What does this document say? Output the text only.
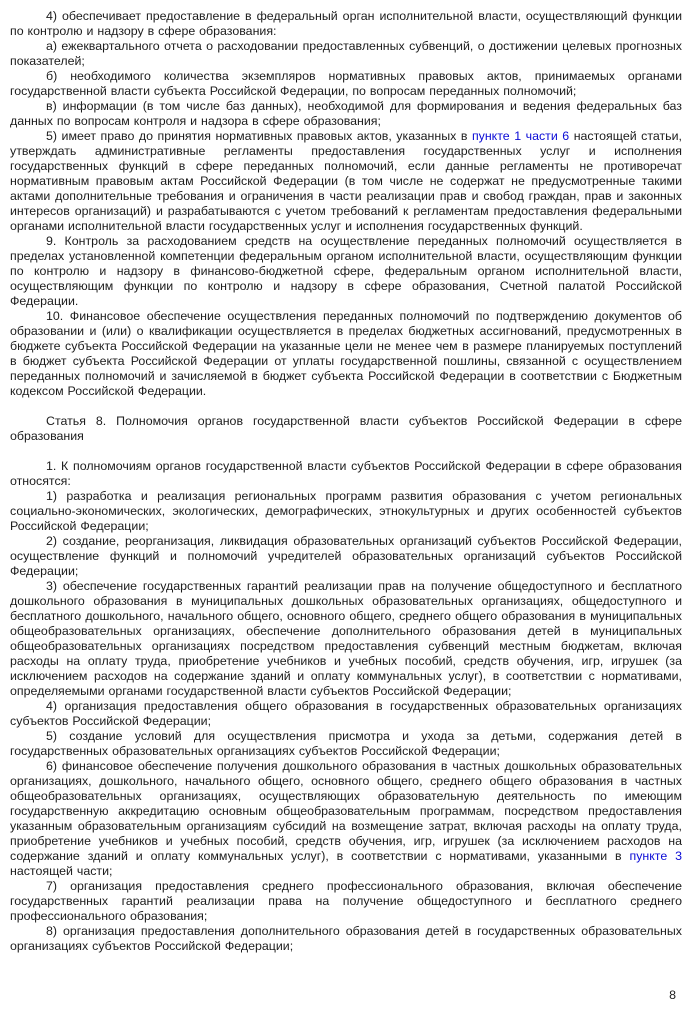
4) обеспечивает предоставление в федеральный орган исполнительной власти, осуществляющий функции по контролю и надзору в сфере образования:

а) ежеквартального отчета о расходовании предоставленных субвенций, о достижении целевых прогнозных показателей;

б) необходимого количества экземпляров нормативных правовых актов, принимаемых органами государственной власти субъекта Российской Федерации, по вопросам переданных полномочий;

в) информации (в том числе баз данных), необходимой для формирования и ведения федеральных баз данных по вопросам контроля и надзора в сфере образования;

5) имеет право до принятия нормативных правовых актов, указанных в пункте 1 части 6 настоящей статьи, утверждать административные регламенты предоставления государственных услуг и исполнения государственных функций в сфере переданных полномочий, если данные регламенты не противоречат нормативным правовым актам Российской Федерации (в том числе не содержат не предусмотренные такими актами дополнительные требования и ограничения в части реализации прав и свобод граждан, прав и законных интересов организаций) и разрабатываются с учетом требований к регламентам предоставления федеральными органами исполнительной власти государственных услуг и исполнения государственных функций.

9. Контроль за расходованием средств на осуществление переданных полномочий осуществляется в пределах установленной компетенции федеральным органом исполнительной власти, осуществляющим функции по контролю и надзору в финансово-бюджетной сфере, федеральным органом исполнительной власти, осуществляющим функции по контролю и надзору в сфере образования, Счетной палатой Российской Федерации.

10. Финансовое обеспечение осуществления переданных полномочий по подтверждению документов об образовании и (или) о квалификации осуществляется в пределах бюджетных ассигнований, предусмотренных в бюджете субъекта Российской Федерации на указанные цели не менее чем в размере планируемых поступлений в бюджет субъекта Российской Федерации от уплаты государственной пошлины, связанной с осуществлением переданных полномочий и зачисляемой в бюджет субъекта Российской Федерации в соответствии с Бюджетным кодексом Российской Федерации.

Статья 8. Полномочия органов государственной власти субъектов Российской Федерации в сфере образования

1. К полномочиям органов государственной власти субъектов Российской Федерации в сфере образования относятся:

1) разработка и реализация региональных программ развития образования с учетом региональных социально-экономических, экологических, демографических, этнокультурных и других особенностей субъектов Российской Федерации;

2) создание, реорганизация, ликвидация образовательных организаций субъектов Российской Федерации, осуществление функций и полномочий учредителей образовательных организаций субъектов Российской Федерации;

3) обеспечение государственных гарантий реализации прав на получение общедоступного и бесплатного дошкольного образования в муниципальных дошкольных образовательных организациях, общедоступного и бесплатного дошкольного, начального общего, основного общего, среднего общего образования в муниципальных общеобразовательных организациях, обеспечение дополнительного образования детей в муниципальных общеобразовательных организациях посредством предоставления субвенций местным бюджетам, включая расходы на оплату труда, приобретение учебников и учебных пособий, средств обучения, игр, игрушек (за исключением расходов на содержание зданий и оплату коммунальных услуг), в соответствии с нормативами, определяемыми органами государственной власти субъектов Российской Федерации;

4) организация предоставления общего образования в государственных образовательных организациях субъектов Российской Федерации;

5) создание условий для осуществления присмотра и ухода за детьми, содержания детей в государственных образовательных организациях субъектов Российской Федерации;

6) финансовое обеспечение получения дошкольного образования в частных дошкольных образовательных организациях, дошкольного, начального общего, основного общего, среднего общего образования в частных общеобразовательных организациях, осуществляющих образовательную деятельность по имеющим государственную аккредитацию основным общеобразовательным программам, посредством предоставления указанным образовательным организациям субсидий на возмещение затрат, включая расходы на оплату труда, приобретение учебников и учебных пособий, средств обучения, игр, игрушек (за исключением расходов на содержание зданий и оплату коммунальных услуг), в соответствии с нормативами, указанными в пункте 3 настоящей части;

7) организация предоставления среднего профессионального образования, включая обеспечение государственных гарантий реализации права на получение общедоступного и бесплатного среднего профессионального образования;

8) организация предоставления дополнительного образования детей в государственных образовательных организациях субъектов Российской Федерации;

8
